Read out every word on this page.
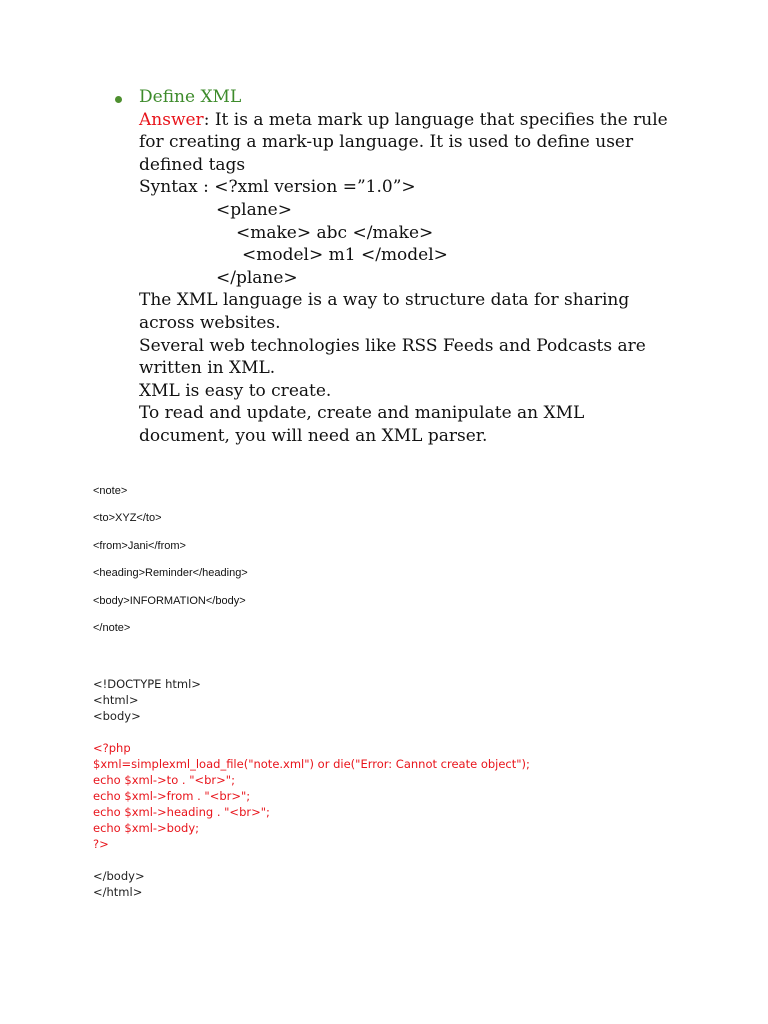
Define XML
Answer: It is a meta mark up language that specifies the rule
for creating a mark-up language. It is used to define user
defined tags
Syntax : <?xml version =”1.0”>
<plane>
<make> abc </make>
<model> m1 </model>
</plane>
The XML language is a way to structure data for sharing
across websites.
Several web technologies like RSS Feeds and Podcasts are
written in XML.
XML is easy to create.
To read and update, create and manipulate an XML
document, you will need an XML parser.
<note>
<to>XYZ</to>
<from>Jani</from>
<heading>Reminder</heading>
<body>INFORMATION</body>
</note>
<!DOCTYPE html>
<html>
<body>
<?php
$xml=simplexml_load_file("note.xml") or die("Error: Cannot create object");
echo $xml->to . "<br>";
echo $xml->from . "<br>";
echo $xml->heading . "<br>";
echo $xml->body;
?>
</body>
</html>
